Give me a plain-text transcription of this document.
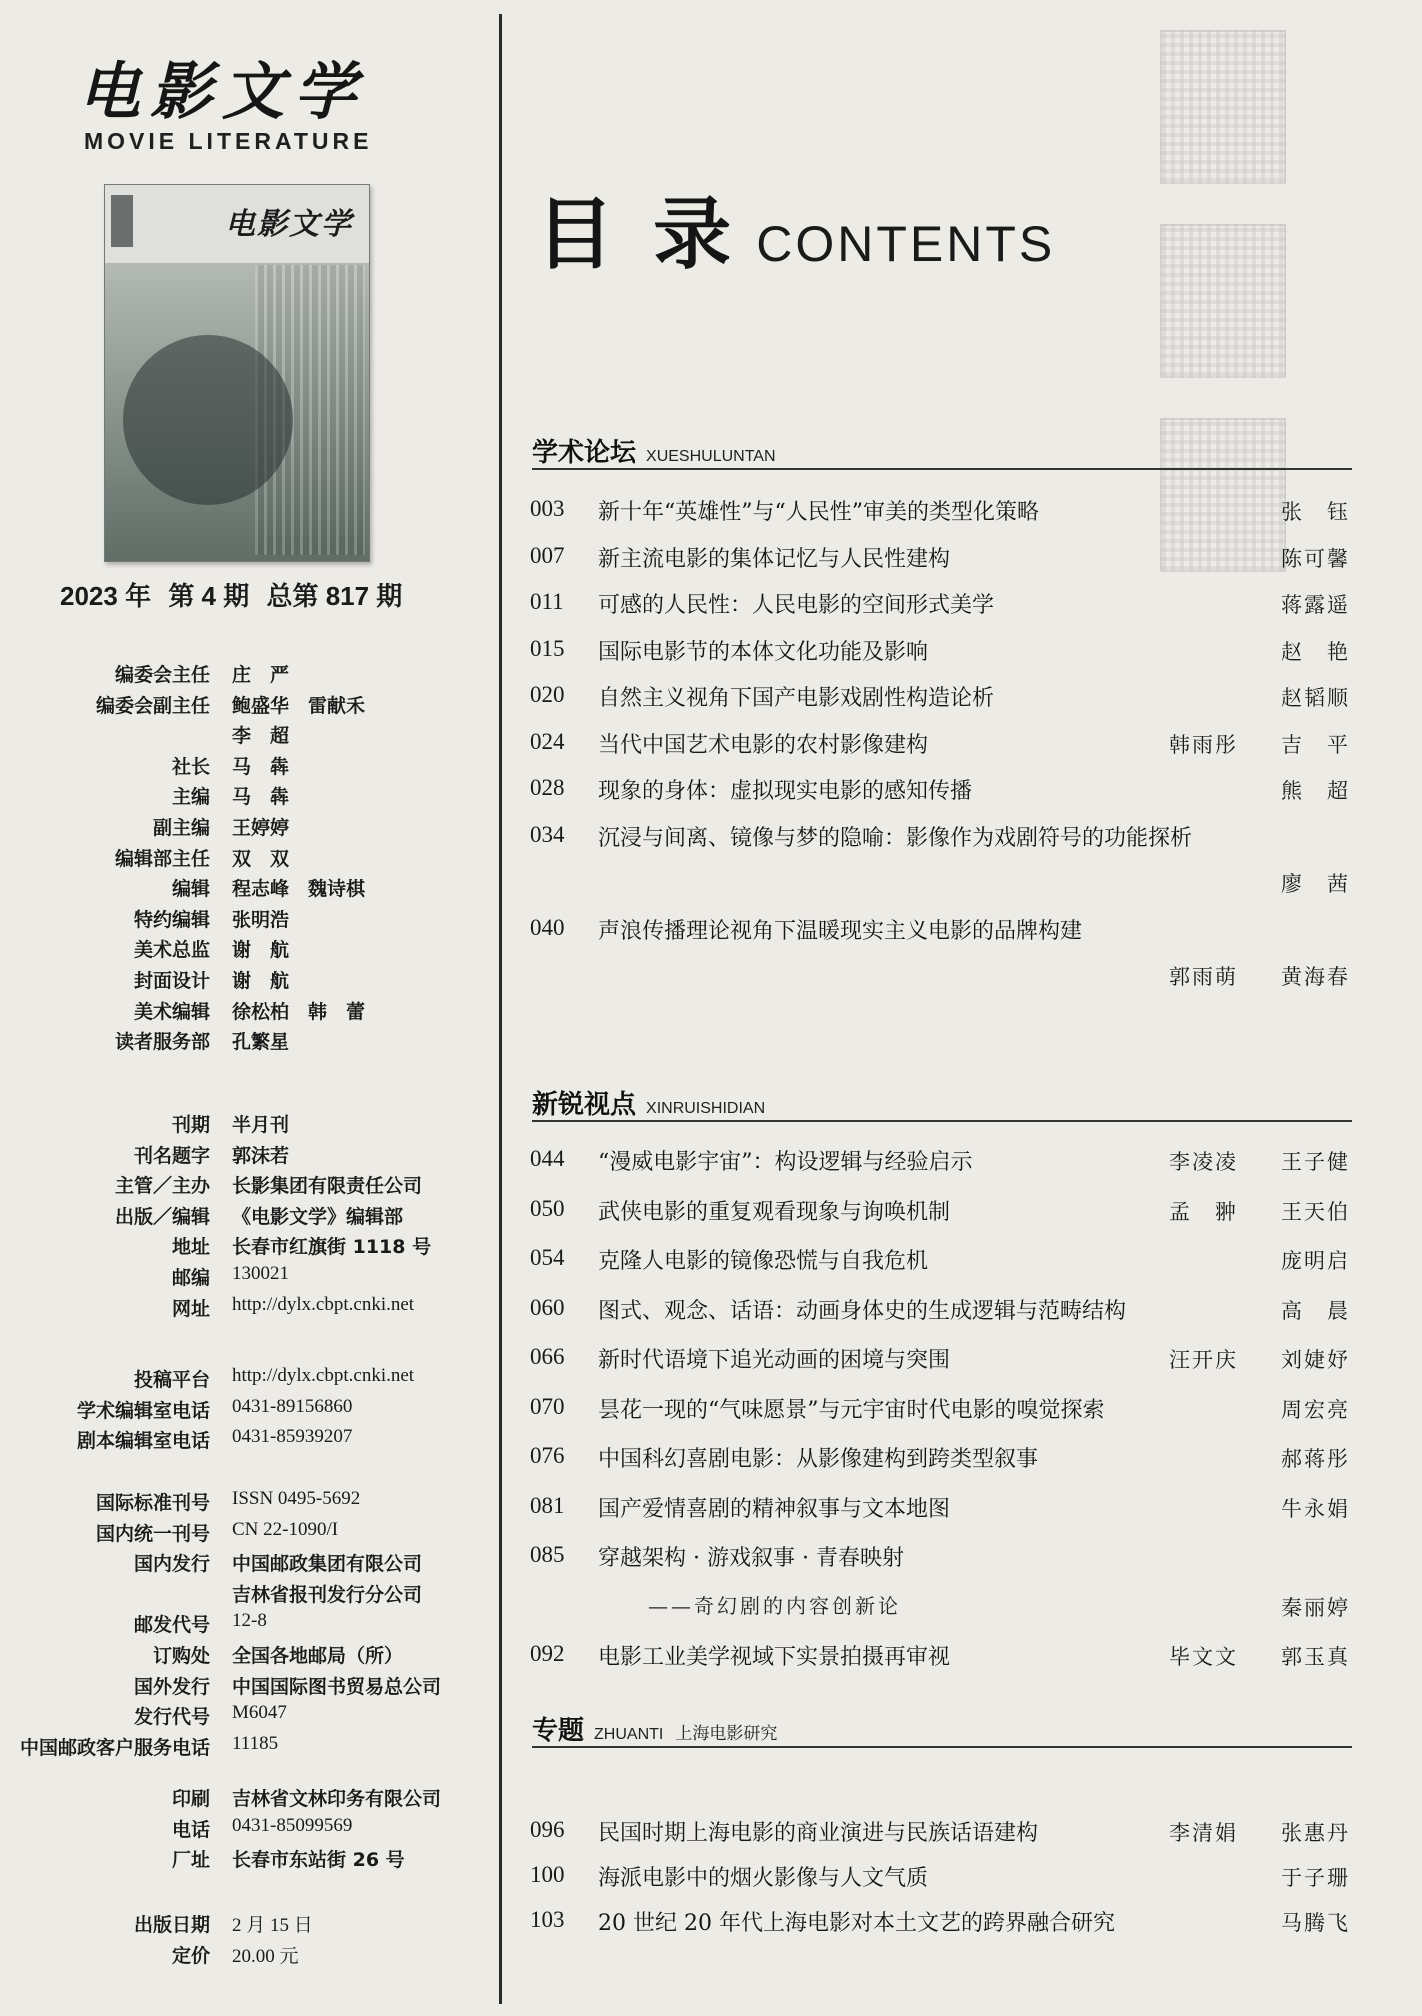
电影文学
MOVIE LITERATURE
电影文学
2023 年 第 4 期 总第 817 期
编委会主任 庄　严
编委会副主任 鲍盛华　雷献禾
李　超
社长 马　犇
主编 马　犇
副主编 王婷婷
编辑部主任 双　双
编辑 程志峰　魏诗棋
特约编辑 张明浩
美术总监 谢　航
封面设计 谢　航
美术编辑 徐松柏　韩　蕾
读者服务部 孔繁星
刊期 半月刊
刊名题字 郭沫若
主管／主办 长影集团有限责任公司
出版／编辑 《电影文学》编辑部
地址 长春市红旗街 1118 号
邮编 130021
网址 http://dylx.cbpt.cnki.net
投稿平台 http://dylx.cbpt.cnki.net
学术编辑室电话 0431-89156860
剧本编辑室电话 0431-85939207
国际标准刊号 ISSN 0495-5692
国内统一刊号 CN 22-1090/I
国内发行 中国邮政集团有限公司
吉林省报刊发行分公司
邮发代号 12-8
订购处 全国各地邮局（所）
国外发行 中国国际图书贸易总公司
发行代号 M6047
中国邮政客户服务电话 11185
印刷 吉林省文林印务有限公司
电话 0431-85099569
厂址 长春市东站街 26 号
出版日期 2 月 15 日
定价 20.00 元
目 录 CONTENTS
学术论坛 XUESHULUNTAN
003 新十年“英雄性”与“人民性”审美的类型化策略	张　钰
007 新主流电影的集体记忆与人民性建构	陈可馨
011 可感的人民性：人民电影的空间形式美学	蒋露遥
015 国际电影节的本体文化功能及影响	赵　艳
020 自然主义视角下国产电影戏剧性构造论析	赵韬顺
024 当代中国艺术电影的农村影像建构	韩雨彤 吉　平
028 现象的身体：虚拟现实电影的感知传播	熊　超
034 沉浸与间离、镜像与梦的隐喻：影像作为戏剧符号的功能探析
廖　茜
040 声浪传播理论视角下温暖现实主义电影的品牌构建
郭雨萌 黄海春
新锐视点 XINRUISHIDIAN
044 “漫威电影宇宙”：构设逻辑与经验启示	李凌凌 王子健
050 武侠电影的重复观看现象与询唤机制	孟　翀 王天伯
054 克隆人电影的镜像恐慌与自我危机	庞明启
060 图式、观念、话语：动画身体史的生成逻辑与范畴结构	高　晨
066 新时代语境下追光动画的困境与突围	汪开庆 刘婕妤
070 昙花一现的“气味愿景”与元宇宙时代电影的嗅觉探索	周宏亮
076 中国科幻喜剧电影：从影像建构到跨类型叙事	郝蒋彤
081 国产爱情喜剧的精神叙事与文本地图	牛永娟
085 穿越架构 · 游戏叙事 · 青春映射
——奇幻剧的内容创新论	秦丽婷
092 电影工业美学视域下实景拍摄再审视	毕文文 郭玉真
专题 ZHUANTI 上海电影研究
096 民国时期上海电影的商业演进与民族话语建构	李清娟 张惠丹
100 海派电影中的烟火影像与人文气质	于子珊
103 20 世纪 20 年代上海电影对本土文艺的跨界融合研究	马腾飞
